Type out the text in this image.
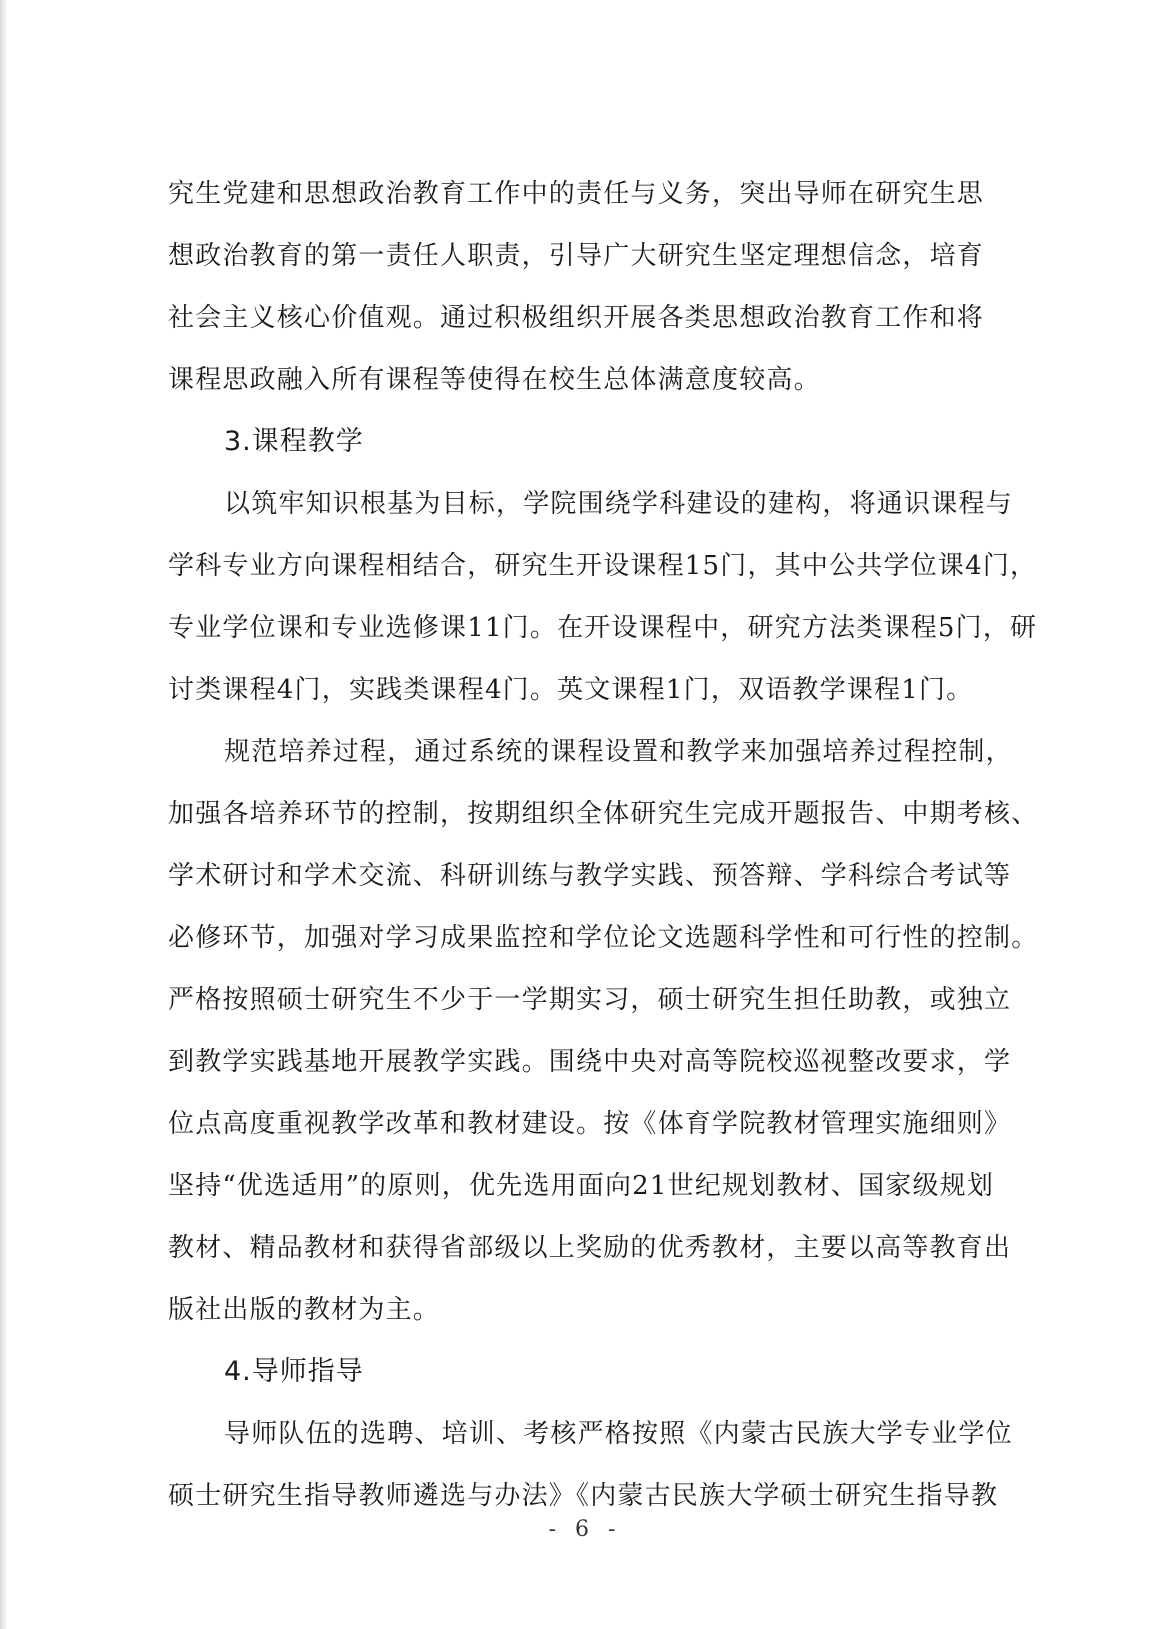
究生党建和思想政治教育工作中的责任与义务，突出导师在研究生思
想政治教育的第一责任人职责，引导广大研究生坚定理想信念，培育
社会主义核心价值观。通过积极组织开展各类思想政治教育工作和将
课程思政融入所有课程等使得在校生总体满意度较高。
3.课程教学
以筑牢知识根基为目标，学院围绕学科建设的建构，将通识课程与
学科专业方向课程相结合，研究生开设课程15门，其中公共学位课4门，
专业学位课和专业选修课11门。在开设课程中，研究方法类课程5门，研
讨类课程4门，实践类课程4门。英文课程1门，双语教学课程1门。
规范培养过程，通过系统的课程设置和教学来加强培养过程控制，
加强各培养环节的控制，按期组织全体研究生完成开题报告、中期考核、
学术研讨和学术交流、科研训练与教学实践、预答辩、学科综合考试等
必修环节，加强对学习成果监控和学位论文选题科学性和可行性的控制。
严格按照硕士研究生不少于一学期实习，硕士研究生担任助教，或独立
到教学实践基地开展教学实践。围绕中央对高等院校巡视整改要求，学
位点高度重视教学改革和教材建设。按《体育学院教材管理实施细则》
坚持“优选适用”的原则，优先选用面向21世纪规划教材、国家级规划
教材、精品教材和获得省部级以上奖励的优秀教材，主要以高等教育出
版社出版的教材为主。
4.导师指导
导师队伍的选聘、培训、考核严格按照《内蒙古民族大学专业学位
硕士研究生指导教师遴选与办法》《内蒙古民族大学硕士研究生指导教
- 6 -
